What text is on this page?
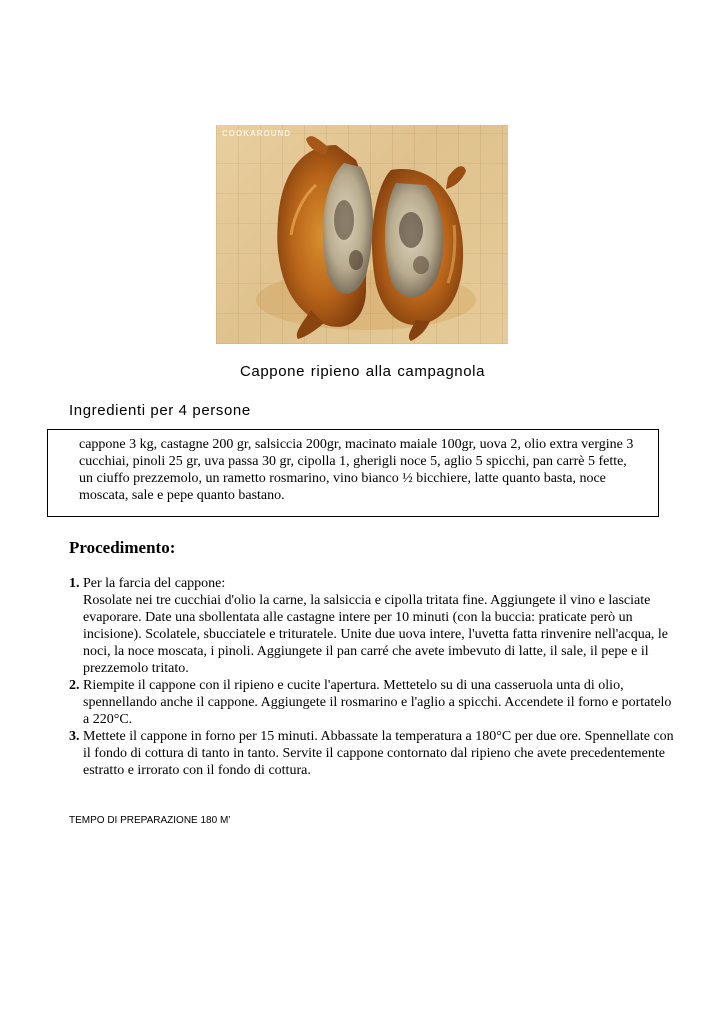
COOKAROUND
Cappone ripieno alla campagnola
Ingredienti per 4 persone
cappone 3 kg, castagne 200 gr, salsiccia 200gr, macinato maiale 100gr, uova 2, olio extra vergine 3 cucchiai, pinoli 25 gr, uva passa 30 gr, cipolla 1, gherigli noce 5, aglio 5 spicchi, pan carrè 5 fette, un ciuffo prezzemolo, un rametto rosmarino, vino bianco ½ bicchiere, latte quanto basta, noce moscata, sale e pepe quanto bastano.
Procedimento:
1. Per la farcia del cappone:
Rosolate nei tre cucchiai d'olio la carne, la salsiccia e cipolla tritata fine. Aggiungete il vino e lasciate evaporare. Date una sbollentata alle castagne intere per 10 minuti (con la buccia: praticate però un incisione). Scolatele, sbucciatele e trituratele. Unite due uova intere, l'uvetta fatta rinvenire nell'acqua, le noci, la noce moscata, i pinoli. Aggiungete il pan carré che avete imbevuto di latte, il sale, il pepe e il prezzemolo tritato.
2. Riempite il cappone con il ripieno e cucite l'apertura. Mettetelo su di una casseruola unta di olio, spennellando anche il cappone. Aggiungete il rosmarino e l'aglio a spicchi. Accendete il forno e portatelo a 220°C.
3. Mettete il cappone in forno per 15 minuti. Abbassate la temperatura a 180°C per due ore. Spennellate con il fondo di cottura di tanto in tanto. Servite il cappone contornato dal ripieno che avete precedentemente estratto e irrorato con il fondo di cottura.
TEMPO DI PREPARAZIONE 180 M’
